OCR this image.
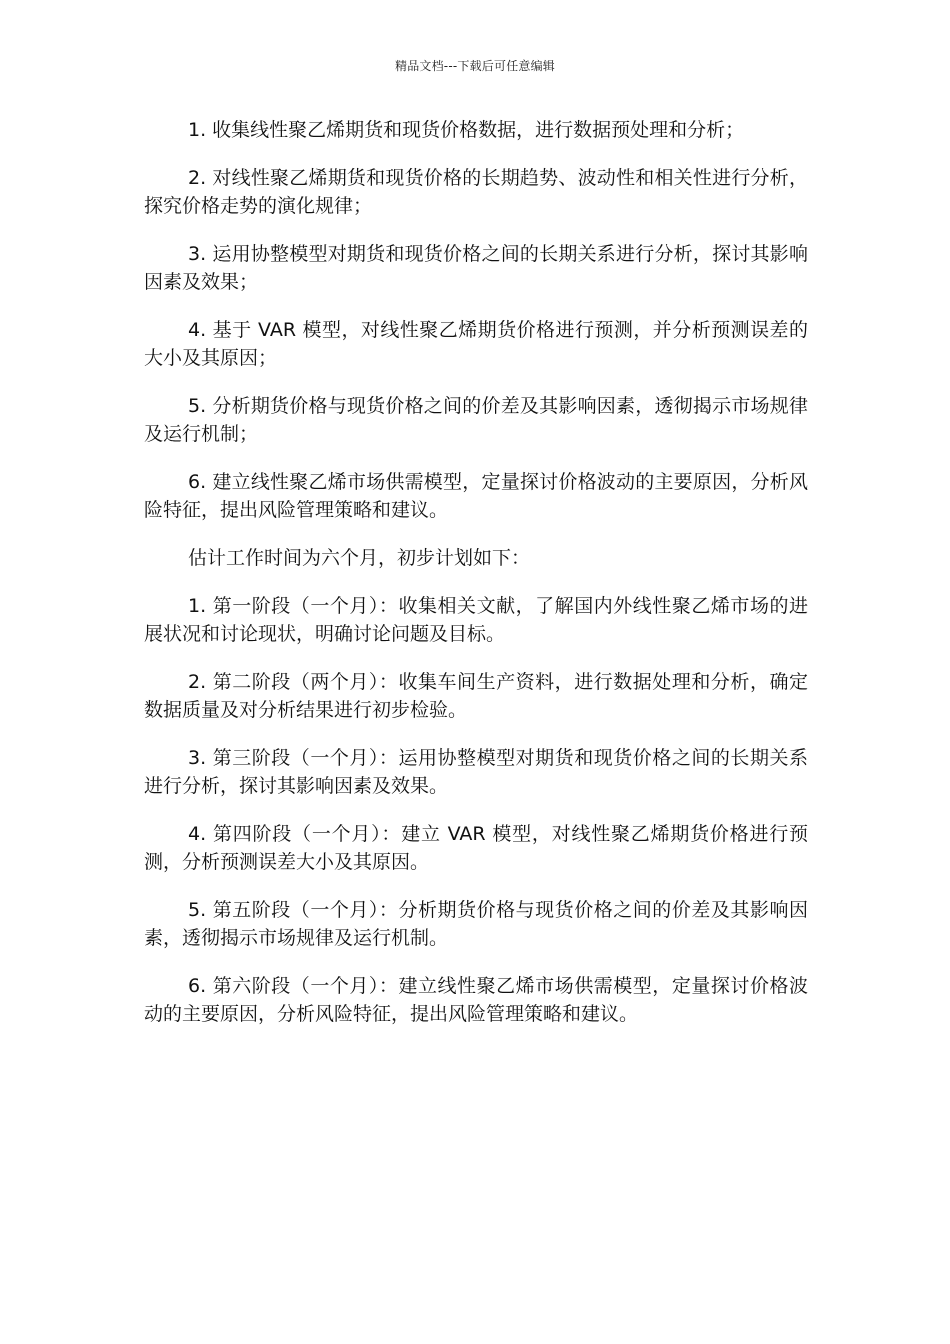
精品文档---下载后可任意编辑

1. 收集线性聚乙烯期货和现货价格数据，进行数据预处理和分析；

2. 对线性聚乙烯期货和现货价格的长期趋势、波动性和相关性进行分析，探究价格走势的演化规律；

3. 运用协整模型对期货和现货价格之间的长期关系进行分析，探讨其影响因素及效果；

4. 基于 VAR 模型，对线性聚乙烯期货价格进行预测，并分析预测误差的大小及其原因；

5. 分析期货价格与现货价格之间的价差及其影响因素，透彻揭示市场规律及运行机制；

6. 建立线性聚乙烯市场供需模型，定量探讨价格波动的主要原因，分析风险特征，提出风险管理策略和建议。

估计工作时间为六个月，初步计划如下：

1. 第一阶段（一个月）：收集相关文献，了解国内外线性聚乙烯市场的进展状况和讨论现状，明确讨论问题及目标。

2. 第二阶段（两个月）：收集车间生产资料，进行数据处理和分析，确定数据质量及对分析结果进行初步检验。

3. 第三阶段（一个月）：运用协整模型对期货和现货价格之间的长期关系进行分析，探讨其影响因素及效果。

4. 第四阶段（一个月）：建立 VAR 模型，对线性聚乙烯期货价格进行预测，分析预测误差大小及其原因。

5. 第五阶段（一个月）：分析期货价格与现货价格之间的价差及其影响因素，透彻揭示市场规律及运行机制。

6. 第六阶段（一个月）：建立线性聚乙烯市场供需模型，定量探讨价格波动的主要原因，分析风险特征，提出风险管理策略和建议。
